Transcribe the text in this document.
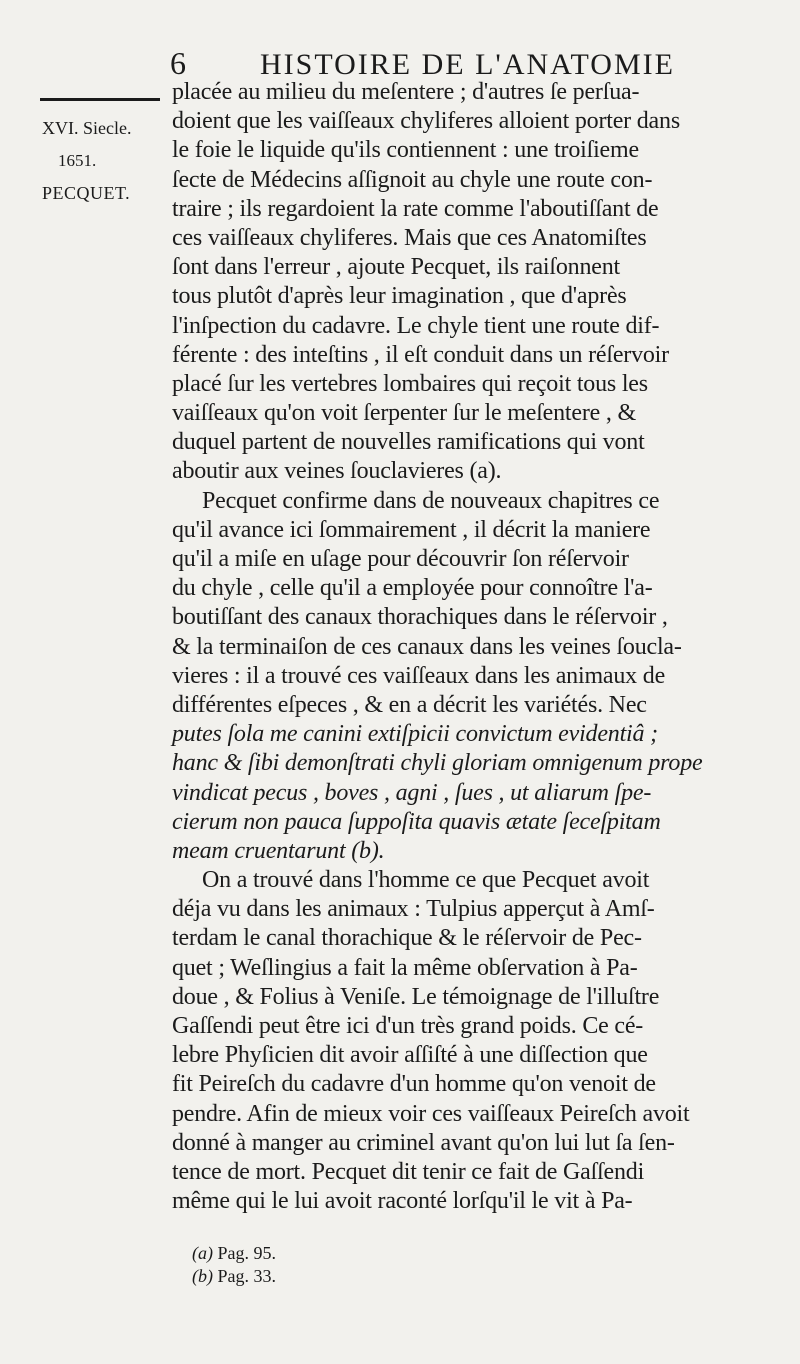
6	HISTOIRE DE L'ANATOMIE
XVI. Siecle.
1651.
PECQUET.
placée au milieu du meſentere ; d'autres ſe perſua-
doient que les vaiſſeaux chyliferes alloient porter dans
le foie le liquide qu'ils contiennent : une troiſieme
ſecte de Médecins aſſignoit au chyle une route con-
traire ; ils regardoient la rate comme l'aboutiſſant de
ces vaiſſeaux chyliferes. Mais que ces Anatomiſtes
ſont dans l'erreur , ajoute Pecquet, ils raiſonnent
tous plutôt d'après leur imagination , que d'après
l'inſpection du cadavre. Le chyle tient une route dif-
férente : des inteſtins , il eſt conduit dans un réſervoir
placé ſur les vertebres lombaires qui reçoit tous les
vaiſſeaux qu'on voit ſerpenter ſur le meſentere , &
duquel partent de nouvelles ramifications qui vont
aboutir aux veines ſouclavieres (a).
Pecquet confirme dans de nouveaux chapitres ce
qu'il avance ici ſommairement , il décrit la maniere
qu'il a miſe en uſage pour découvrir ſon réſervoir
du chyle , celle qu'il a employée pour connoître l'a-
boutiſſant des canaux thorachiques dans le réſervoir ,
& la terminaiſon de ces canaux dans les veines ſoucla-
vieres : il a trouvé ces vaiſſeaux dans les animaux de
différentes eſpeces , & en a décrit les variétés. Nec
putes ſola me canini extiſpicii convictum evidentiâ ;
hanc & ſibi demonſtrati chyli gloriam omnigenum prope
vindicat pecus , boves , agni , ſues , ut aliarum ſpe-
cierum non pauca ſuppoſita quavis ætate ſeceſpitam
meam cruentarunt (b).
On a trouvé dans l'homme ce que Pecquet avoit
déja vu dans les animaux : Tulpius apperçut à Amſ-
terdam le canal thorachique & le réſervoir de Pec-
quet ; Weſlingius a fait la même obſervation à Pa-
doue , & Folius à Veniſe. Le témoignage de l'illuſtre
Gaſſendi peut être ici d'un très grand poids. Ce cé-
lebre Phyſicien dit avoir aſſiſté à une diſſection que
fit Peireſch du cadavre d'un homme qu'on venoit de
pendre. Afin de mieux voir ces vaiſſeaux Peireſch avoit
donné à manger au criminel avant qu'on lui lut ſa ſen-
tence de mort. Pecquet dit tenir ce fait de Gaſſendi
même qui le lui avoit raconté lorſqu'il le vit à Pa-
(a) Pag. 95.
(b) Pag. 33.
